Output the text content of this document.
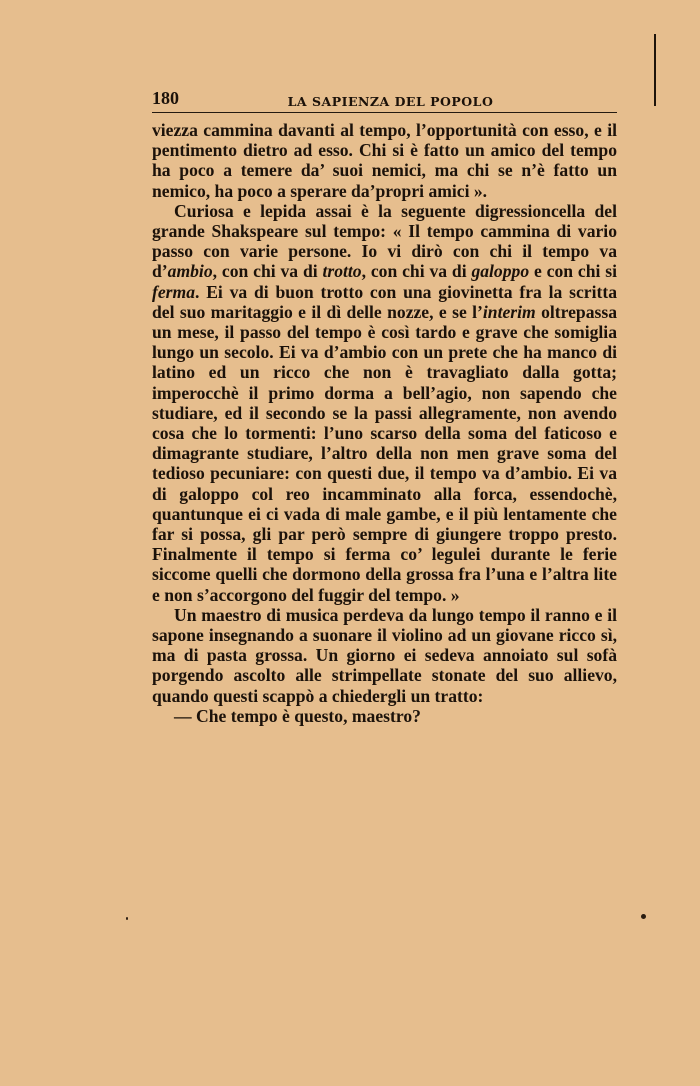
180	LA SAPIENZA DEL POPOLO

viezza cammina davanti al tempo, l’opportunità con esso, e il pentimento dietro ad esso. Chi si è fatto un amico del tempo ha poco a temere da’ suoi nemici, ma chi se n’è fatto un nemico, ha poco a sperare da’propri amici ».

Curiosa e lepida assai è la seguente digressioncella del grande Shakspeare sul tempo: « Il tempo cammina di vario passo con varie persone. Io vi dirò con chi il tempo va d’ambio, con chi va di trotto, con chi va di galoppo e con chi si ferma. Ei va di buon trotto con una giovinetta fra la scritta del suo maritaggio e il dì delle nozze, e se l’interim oltrepassa un mese, il passo del tempo è così tardo e grave che somiglia lungo un secolo. Ei va d’ambio con un prete che ha manco di latino ed un ricco che non è travagliato dalla gotta; imperocchè il primo dorma a bell’agio, non sapendo che studiare, ed il secondo se la passi allegramente, non avendo cosa che lo tormenti: l’uno scarso della soma del faticoso e dimagrante studiare, l’altro della non men grave soma del tedioso pecuniare: con questi due, il tempo va d’ambio. Ei va di galoppo col reo incamminato alla forca, essendochè, quantunque ei ci vada di male gambe, e il più lentamente che far si possa, gli par però sempre di giungere troppo presto. Finalmente il tempo si ferma co’ legulei durante le ferie siccome quelli che dormono della grossa fra l’una e l’altra lite e non s’accorgono del fuggir del tempo. »

Un maestro di musica perdeva da lungo tempo il ranno e il sapone insegnando a suonare il violino ad un giovane ricco sì, ma di pasta grossa. Un giorno ei sedeva annoiato sul sofà porgendo ascolto alle strimpellate stonate del suo allievo, quando questi scappò a chiedergli un tratto:

— Che tempo è questo, maestro?
